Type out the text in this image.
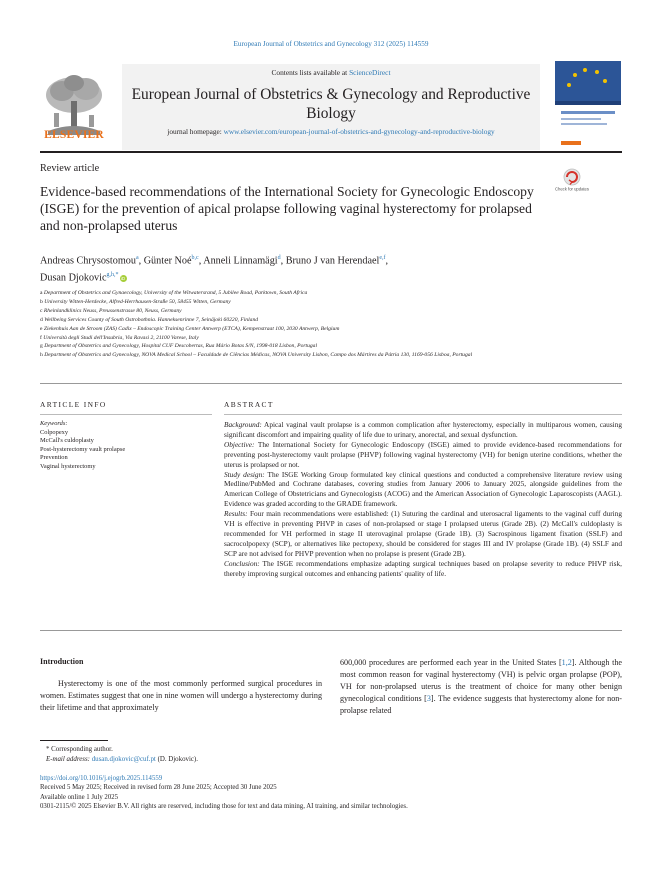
European Journal of Obstetrics and Gynecology 312 (2025) 114559
ELSEVIER
Contents lists available at ScienceDirect
European Journal of Obstetrics & Gynecology and Reproductive Biology
journal homepage: www.elsevier.com/european-journal-of-obstetrics-and-gynecology-and-reproductive-biology
Review article
Evidence-based recommendations of the International Society for Gynecologic Endoscopy (ISGE) for the prevention of apical prolapse following vaginal hysterectomy for prolapsed and non-prolapsed uterus
Check for updates
Andreas Chrysostomou$^a$, Günter Noé$^{b,c}$, Anneli Linnamägi$^d$, Bruno J van Herendael$^{e,f}$,
Dusan Djokovic$^{g,h,*}$ iD
a Department of Obstetrics and Gynaecology, University of the Witwatersrand, 5 Jubilee Road, Parktown, South Africa
b University Witten-Herdecke, Alfred-Herrhausen-Straße 50, 58455 Witten, Germany
c Rheinlandklinics Neuss, Preussenstrasse 80, Neuss, Germany
d Wellbeing Services County of South Ostrobothnia. Hanneksenrinne 7, Seinäjoki 60220, Finland
e Ziekenhuis Aan de Stroom (ZAS) Cadix – Endoscopic Training Center Antwerp (ETCA), Kempenstraat 100, 2030 Antwerp, Belgium
f Università degli Studi dell'Insubria, Via Ravasi 2, 21100 Varese, Italy
g Department of Obstetrics and Gynecology, Hospital CUF Descobertas, Rua Mário Botas S/N, 1998-018 Lisbon, Portugal
h Department of Obstetrics and Gynecology, NOVA Medical School – Faculdade de Ciências Médicas, NOVA University Lisbon, Campo dos Mártires da Pátria 130, 1169-056 Lisboa, Portugal
ARTICLE INFO
Keywords:
Colpopexy
McCall's culdoplasty
Post-hysterectomy vault prolapse
Prevention
Vaginal hysterectomy
ABSTRACT

Background: Apical vaginal vault prolapse is a common complication after hysterectomy, especially in multiparous women, causing significant discomfort and impairing quality of life due to urinary, anorectal, and sexual dysfunction.

Objective: The International Society for Gynecologic Endoscopy (ISGE) aimed to provide evidence-based recommendations for preventing post-hysterectomy vault prolapse (PHVP) following vaginal hysterectomy (VH) for benign uterine conditions, whether the uterus is prolapsed or not.

Study design: The ISGE Working Group formulated key clinical questions and conducted a comprehensive literature review using Medline/PubMed and Cochrane databases, covering studies from January 2006 to January 2025, alongside guidelines from the American College of Obstetricians and Gynecologists (ACOG) and the American Association of Gynecologic Laparoscopists (AAGL). Evidence was graded according to the GRADE framework.

Results: Four main recommendations were established: (1) Suturing the cardinal and uterosacral ligaments to the vaginal cuff during VH is effective in preventing PHVP in cases of non-prolapsed or stage I prolapsed uterus (Grade 2B). (2) McCall's culdoplasty is recommended for VH performed in stage II uterovaginal prolapse (Grade 1B). (3) Sacrospinous ligament fixation (SSLF) and sacrocolpopexy (SCP), or alternatives like pectopexy, should be considered for stages III and IV prolapse (Grade 1B). (4) SSLF and SCP are not advised for PHVP prevention when no prolapse is present (Grade 2B).

Conclusion: The ISGE recommendations emphasize adapting surgical techniques based on prolapse severity to reduce PHVP risk, thereby improving surgical outcomes and enhancing patients' quality of life.

Introduction
Hysterectomy is one of the most commonly performed surgical procedures in women. Estimates suggest that one in nine women will undergo a hysterectomy during their lifetime and that approximately
600,000 procedures are performed each year in the United States [1,2]. Although the most common reason for vaginal hysterectomy (VH) is pelvic organ prolapse (POP), VH for non-prolapsed uterus is the treatment of choice for many other benign gynecological conditions [3]. The evidence suggests that hysterectomy alone for non-prolapse related
* Corresponding author.
E-mail address: dusan.djokovic@cuf.pt (D. Djokovic).
https://doi.org/10.1016/j.ejogrb.2025.114559
Received 5 May 2025; Received in revised form 28 June 2025; Accepted 30 June 2025
Available online 1 July 2025
0301-2115/© 2025 Elsevier B.V. All rights are reserved, including those for text and data mining, AI training, and similar technologies.
